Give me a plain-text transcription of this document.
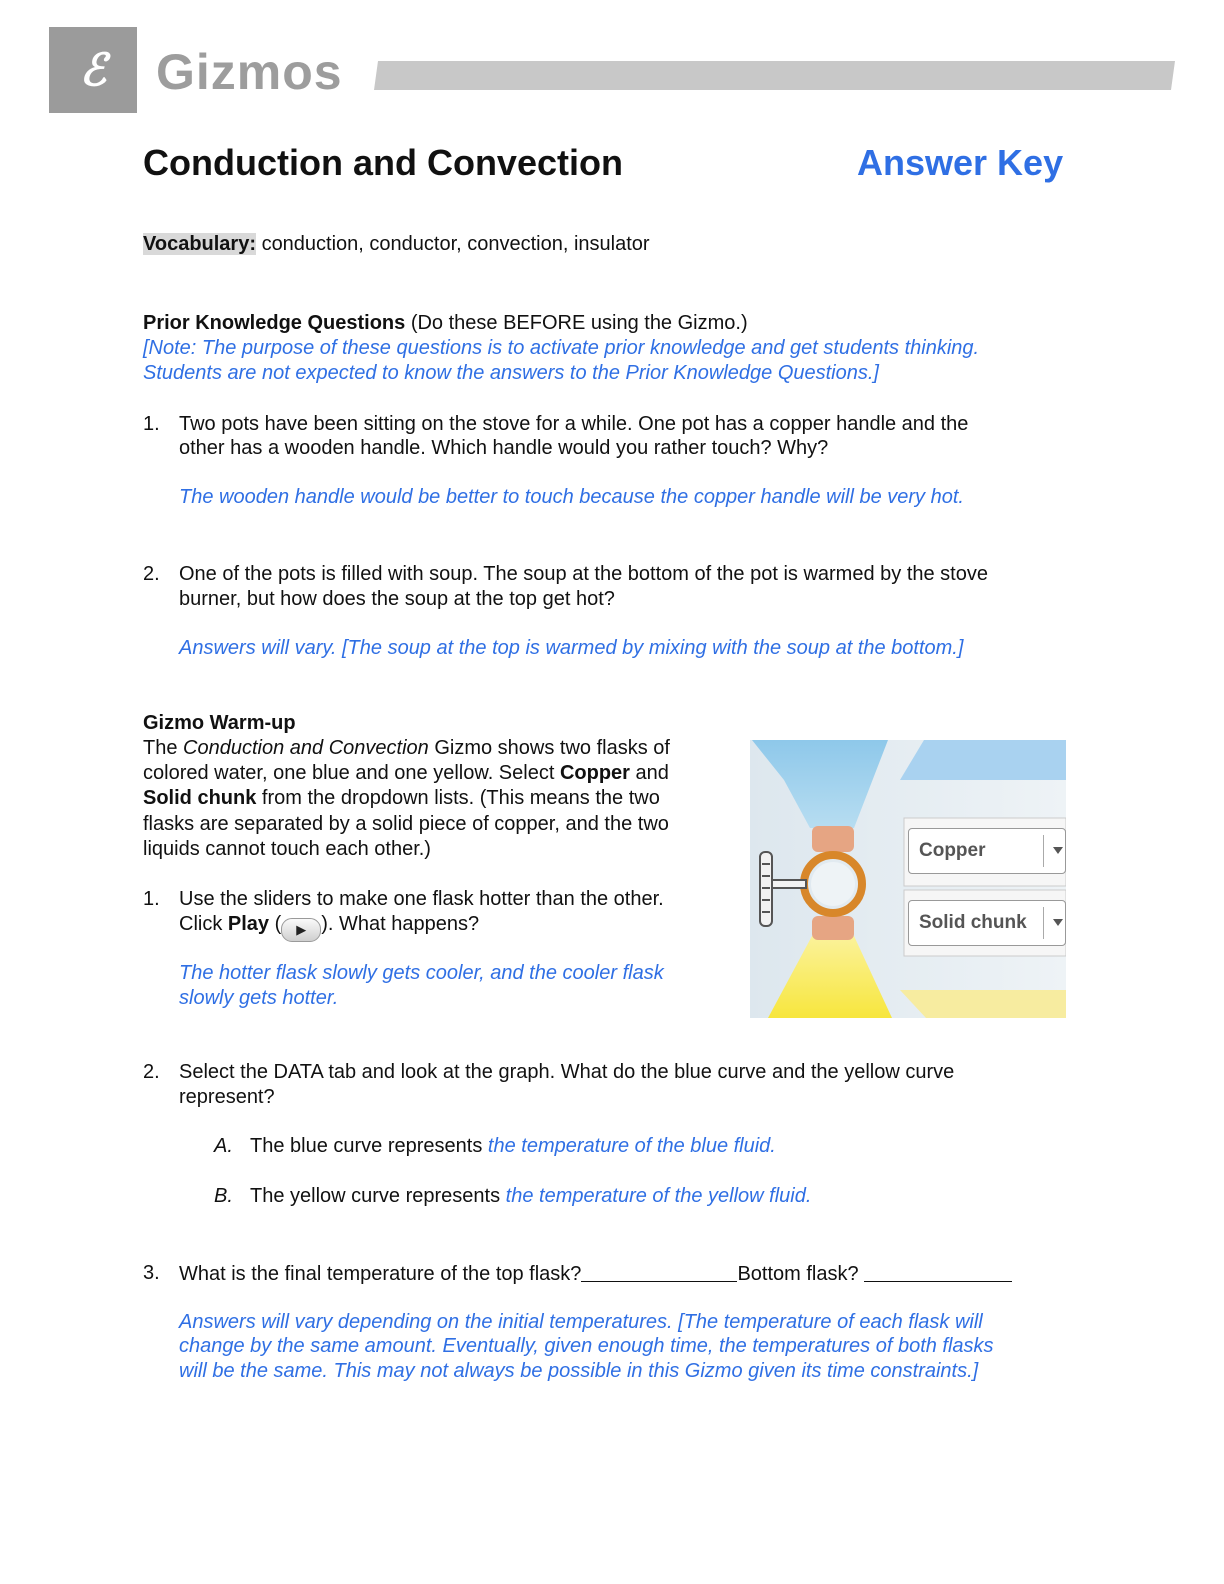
ℰ Gizmos
Conduction and Convection	Answer Key
Vocabulary: conduction, conductor, convection, insulator
Prior Knowledge Questions (Do these BEFORE using the Gizmo.)
[Note: The purpose of these questions is to activate prior knowledge and get students thinking.
Students are not expected to know the answers to the Prior Knowledge Questions.]
1. Two pots have been sitting on the stove for a while. One pot has a copper handle and the
other has a wooden handle. Which handle would you rather touch? Why?
The wooden handle would be better to touch because the copper handle will be very hot.
2. One of the pots is filled with soup. The soup at the bottom of the pot is warmed by the stove
burner, but how does the soup at the top get hot?
Answers will vary. [The soup at the top is warmed by mixing with the soup at the bottom.]
Gizmo Warm-up
The Conduction and Convection Gizmo shows two flasks of
colored water, one blue and one yellow. Select Copper and
Solid chunk from the dropdown lists. (This means the two
flasks are separated by a solid piece of copper, and the two
liquids cannot touch each other.)
1. Use the sliders to make one flask hotter than the other.
Click Play ( ▶ ). What happens?
The hotter flask slowly gets cooler, and the cooler flask
slowly gets hotter.
Copper
Solid chunk
2. Select the DATA tab and look at the graph. What do the blue curve and the yellow curve
represent?
A. The blue curve represents the temperature of the blue fluid.
B. The yellow curve represents the temperature of the yellow fluid.
3. What is the final temperature of the top flask?	Bottom flask?
Answers will vary depending on the initial temperatures. [The temperature of each flask will
change by the same amount. Eventually, given enough time, the temperatures of both flasks
will be the same. This may not always be possible in this Gizmo given its time constraints.]
